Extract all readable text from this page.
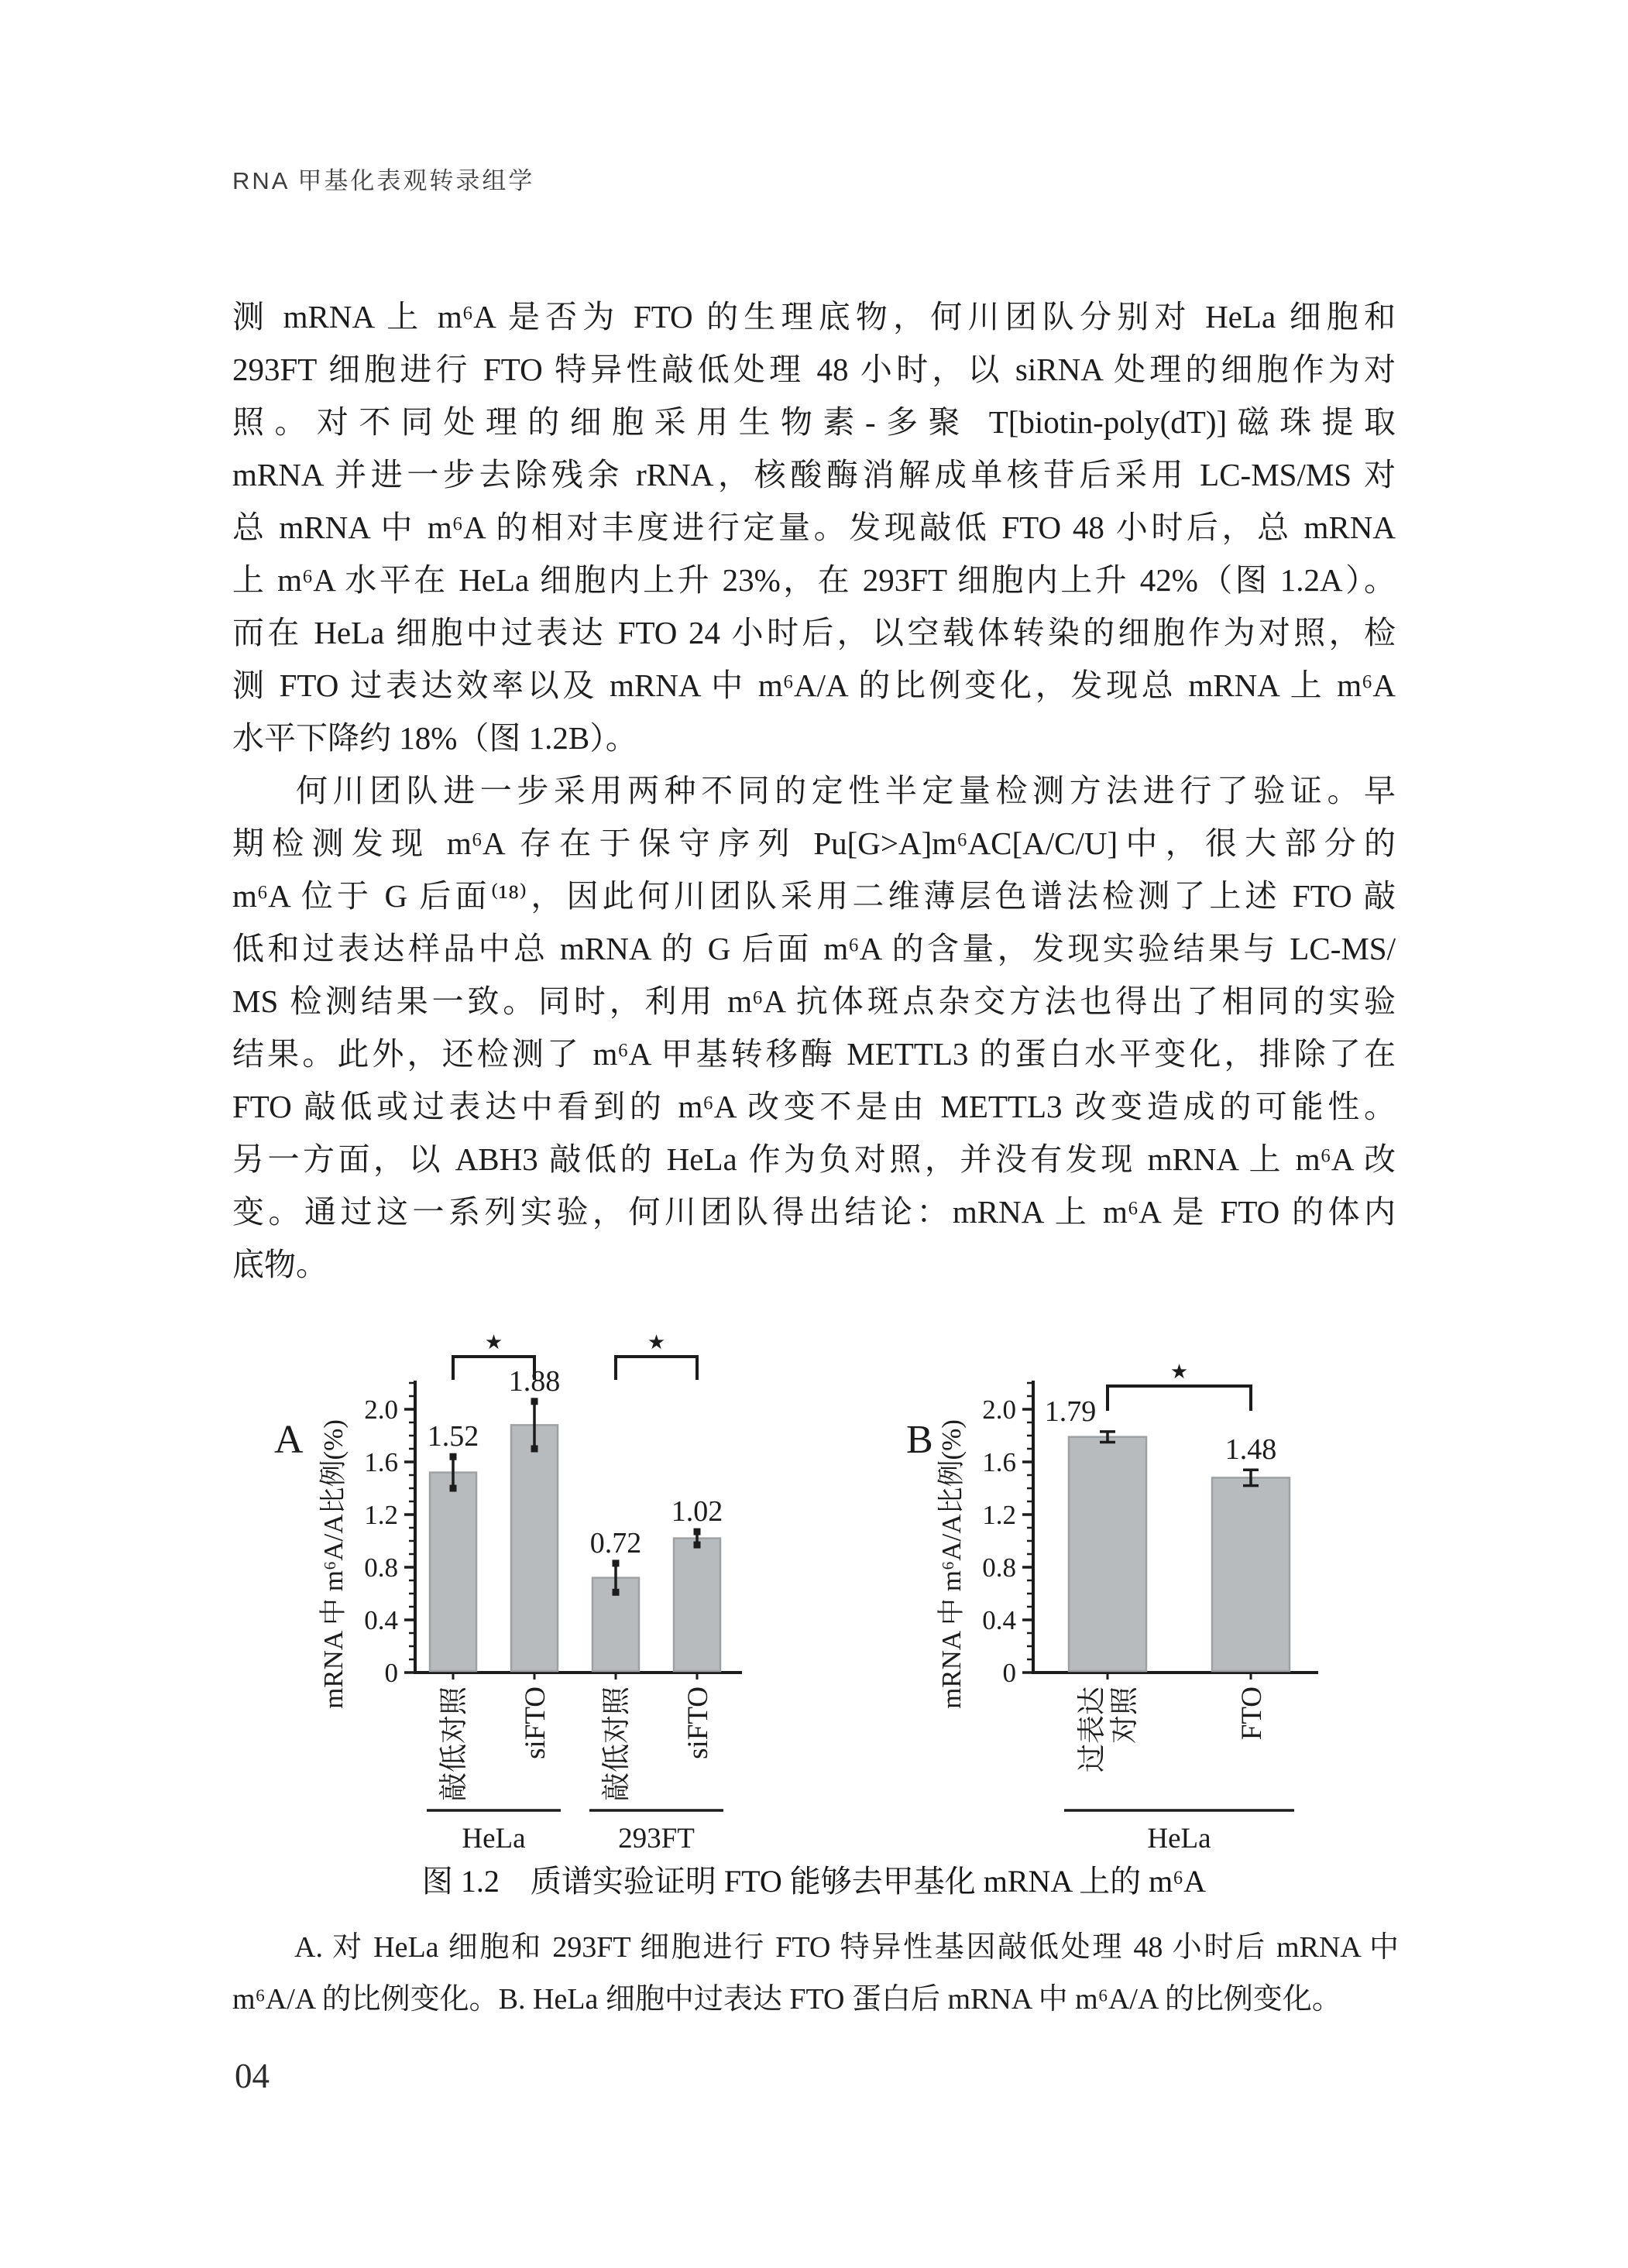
RNA 甲基化表观转录组学
测 mRNA 上 m⁶A 是否为 FTO 的生理底物，何川团队分别对 HeLa 细胞和
293FT 细胞进行 FTO 特异性敲低处理 48 小时，以 siRNA 处理的细胞作为对
照。对不同处理的细胞采用生物素-多聚 T[biotin-poly(dT)]磁珠提取
mRNA 并进一步去除残余 rRNA，核酸酶消解成单核苷后采用 LC-MS/MS 对
总 mRNA 中 m⁶A 的相对丰度进行定量。发现敲低 FTO 48 小时后，总 mRNA
上 m⁶A 水平在 HeLa 细胞内上升 23%，在 293FT 细胞内上升 42%（图 1.2A）。
而在 HeLa 细胞中过表达 FTO 24 小时后，以空载体转染的细胞作为对照，检
测 FTO 过表达效率以及 mRNA 中 m⁶A/A 的比例变化，发现总 mRNA 上 m⁶A
水平下降约 18%（图 1.2B）。
何川团队进一步采用两种不同的定性半定量检测方法进行了验证。早
期检测发现 m⁶A 存在于保守序列 Pu[G>A]m⁶AC[A/C/U]中，很大部分的
m⁶A 位于 G 后面⁽¹⁸⁾，因此何川团队采用二维薄层色谱法检测了上述 FTO 敲
低和过表达样品中总 mRNA 的 G 后面 m⁶A 的含量，发现实验结果与 LC-MS/
MS 检测结果一致。同时，利用 m⁶A 抗体斑点杂交方法也得出了相同的实验
结果。此外，还检测了 m⁶A 甲基转移酶 METTL3 的蛋白水平变化，排除了在
FTO 敲低或过表达中看到的 m⁶A 改变不是由 METTL3 改变造成的可能性。
另一方面，以 ABH3 敲低的 HeLa 作为负对照，并没有发现 mRNA 上 m⁶A 改
变。通过这一系列实验，何川团队得出结论：mRNA 上 m⁶A 是 FTO 的体内
底物。
A mRNA 中 m⁶A/A比例(%) 0
0.4
0.8
1.2
1.6
2.0
1.52
敲低对照
1.88
siFTO
0.72
敲低对照
1.02
siFTO
★	★
HeLa	293FT
B mRNA 中 m⁶A/A比例(%) 0
0.4
0.8
1.2
1.6
2.0 1.79
过表达 对照
1.48
FTO
★
HeLa
图 1.2　质谱实验证明 FTO 能够去甲基化 mRNA 上的 m⁶A
A. 对 HeLa 细胞和 293FT 细胞进行 FTO 特异性基因敲低处理 48 小时后 mRNA 中
m⁶A/A 的比例变化。B. HeLa 细胞中过表达 FTO 蛋白后 mRNA 中 m⁶A/A 的比例变化。
04
